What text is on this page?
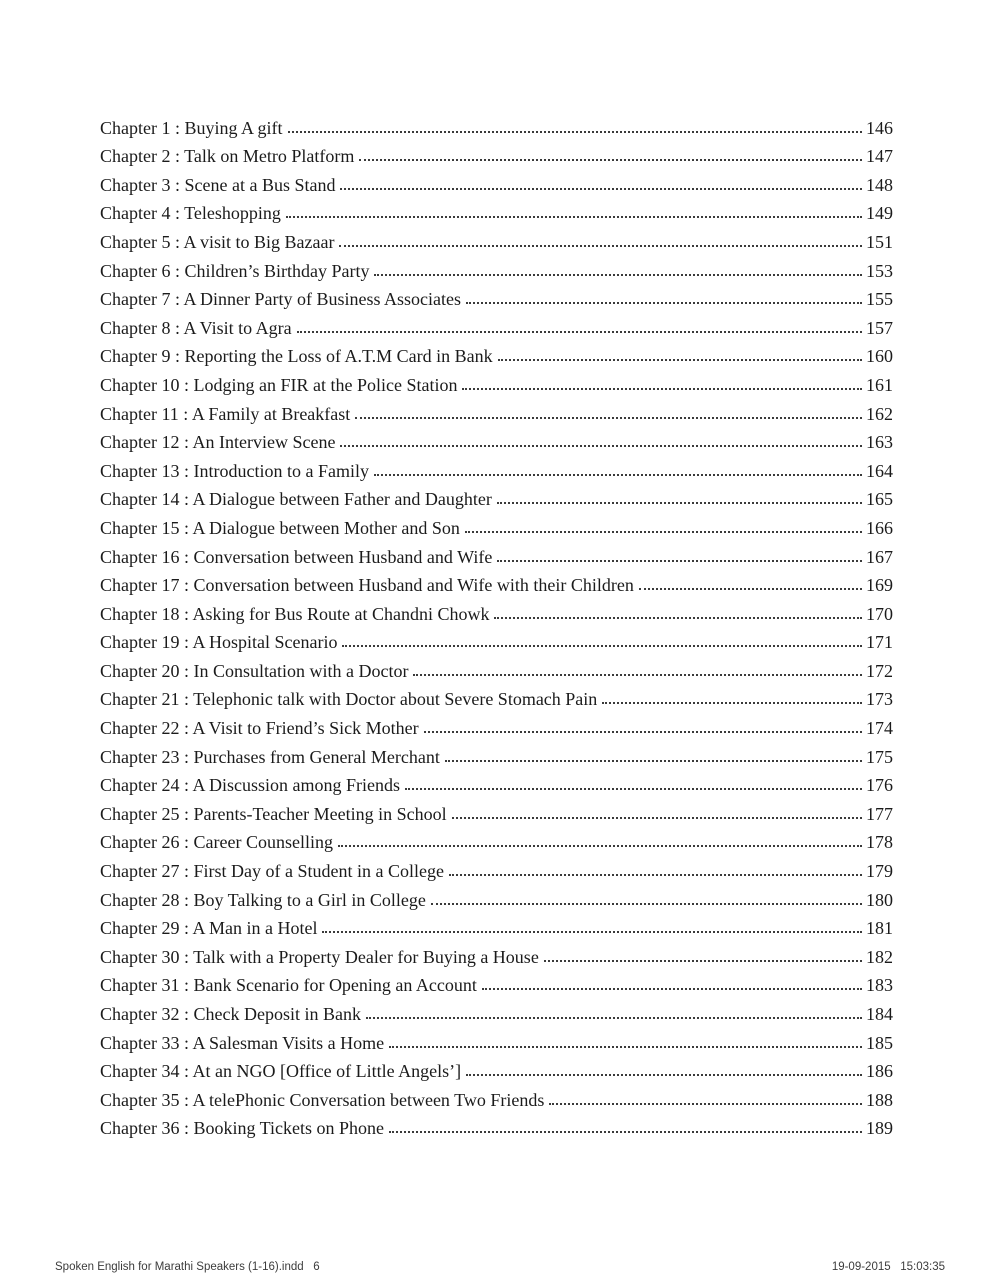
Chapter 1 : Buying A gift	146
Chapter 2 : Talk on Metro Platform	147
Chapter 3 : Scene at a Bus Stand	148
Chapter 4 : Teleshopping	149
Chapter 5 : A visit to Big Bazaar	151
Chapter 6 : Children’s Birthday Party	153
Chapter 7 : A Dinner Party of Business Associates	155
Chapter 8 : A Visit to Agra	157
Chapter 9 : Reporting the Loss of A.T.M Card in Bank	160
Chapter 10 : Lodging an FIR at the Police Station	161
Chapter 11 : A Family at Breakfast	162
Chapter 12 : An Interview Scene	163
Chapter 13 : Introduction to a Family	164
Chapter 14 : A Dialogue between Father and Daughter	165
Chapter 15 : A Dialogue between Mother and Son	166
Chapter 16 : Conversation between Husband and Wife	167
Chapter 17 : Conversation between Husband and Wife with their Children	169
Chapter 18 : Asking for Bus Route at Chandni Chowk	170
Chapter 19 : A Hospital Scenario	171
Chapter 20 : In Consultation with a Doctor	172
Chapter 21 : Telephonic talk with Doctor about Severe Stomach Pain	173
Chapter 22 : A Visit to Friend’s Sick Mother	174
Chapter 23 : Purchases from General Merchant	175
Chapter 24 : A Discussion among Friends	176
Chapter 25 : Parents-Teacher Meeting in School	177
Chapter 26 : Career Counselling	178
Chapter 27 : First Day of a Student in a College	179
Chapter 28 : Boy Talking to a Girl in College	180
Chapter 29 : A Man in a Hotel	181
Chapter 30 : Talk with a Property Dealer for Buying a House	182
Chapter 31 : Bank Scenario for Opening an Account	183
Chapter 32 : Check Deposit in Bank	184
Chapter 33 : A Salesman Visits a Home	185
Chapter 34 : At an NGO [Office of Little Angels’]	186
Chapter 35 : A telePhonic Conversation between Two Friends	188
Chapter 36 : Booking Tickets on Phone	189
Spoken English for Marathi Speakers (1-16).indd   6	19-09-2015   15:03:35
